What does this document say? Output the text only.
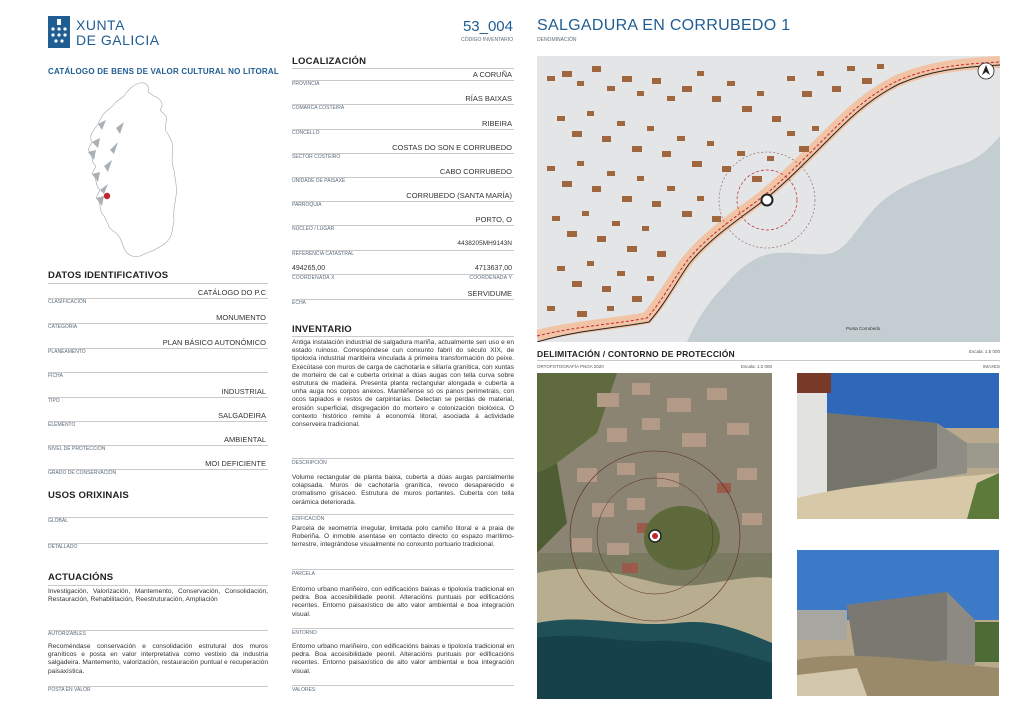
XUNTA
DE GALICIA
CATÁLOGO DE BENS DE VALOR CULTURAL NO LITORAL
DATOS IDENTIFICATIVOS
CATÁLOGO DO P.C
CLASIFICACIÓN
MONUMENTO
CATEGORÍA
PLAN BÁSICO AUTONÓMICO
PLANEAMENTO
FICHA
INDUSTRIAL
TIPO
SALGADEIRA
ELEMENTO
AMBIENTAL
NIVEL DE PROTECCIÓN
MOI DEFICIENTE
GRADO DE CONSERVACIÓN
USOS ORIXINAIS
GLOBAL
DETALLADO
ACTUACIÓNS
Investigación, Valorización, Mantemento, Conservación, Consolidación, Restauración, Rehabilitación, Reestruturación, Ampliación
AUTORIZABLES
Recoméndase conservación e consolidación estrutural dos muros graníticos e posta en valor interpretativa como vestixio da industria salgadeira. Mantemento, valorización, restauración puntual e recuperación paisaxística.
POSTA EN VALOR
53_004
CÓDIGO INVENTARIO
SALGADURA EN CORRUBEDO 1
DENOMINACIÓN
LOCALIZACIÓN
A CORUÑA
PROVINCIA
RÍAS BAIXAS
COMARCA COSTEIRA
RIBEIRA
CONCELLO
COSTAS DO SON E CORRUBEDO
SECTOR COSTEIRO
CABO CORRUBEDO
UNIDADE DE PAISAXE
CORRUBEDO (SANTA MARÍA)
PARROQUIA
PORTO, O
NÚCLEO / LUGAR
4438205MH9143N
REFERENCIA CATASTRAL
494265,00	4713637,00
COORDENADA X	COORDENADA Y
SERVIDUME
ECHA
INVENTARIO
Antiga instalación industrial de salgadura mariña, actualmente sen uso e en estado ruinoso. Correspóndese cun conxunto fabril do século XIX, de tipoloxía industrial marítleira vinculada á primeira transformación do peixe. Execútase con muros de carga de cachotaría e sillaría granítica, con xuntas de morteiro de cal e cuberta orixinal a dúas augas con tella curva sobre estrutura de madeira. Presenta planta rectangular alongada e cuberta a unha auga nos corpos anexos. Mantéñense só os panos perimetrais, con ocos tapiados e restos de carpintarías. Detectan se perdas de material, erosión superficial, disgregación do morteiro e colonización biolóxica. O contexto histórico remite á economía litoral, asociada á actividade conserveira tradicional.
DESCRIPCIÓN
Volume rectangular de planta baixa, cuberta a dúas augas parcialmente colapsada. Muros de cachotaría granítica, revoco desaparecido e cromatismo grisáceo. Estrutura de muros portantes. Cuberta con tella cerámica deteriorada.
EDIFICACIÓN
Parcela de xeometría irregular, limitada polo camiño litoral e a praia de Roberiña. O inmoble asentase en contacto directo co espazo marítimo-terrestre, integrándose visualmente no conxunto portuario tradicional.
PARCELA
Entorno urbano mariñeiro, con edificacións baixas e tipoloxía tradicional en pedra. Boa accesibilidade peonil. Alteracións puntuais por edificacións recentes. Entorno paisaxístico de alto valor ambiental e boa integración visual.
ENTORNO
Entorno urbano mariñeiro, con edificacións baixas e tipoloxía tradicional en pedra. Boa accesibilidade peonil. Alteracións puntuais por edificacións recentes. Entorno paisaxístico de alto valor ambiental e boa integración visual.
VALORES
Punta Corrubedo
DELIMITACIÓN / CONTORNO DE PROTECCIÓN	Escala: 1:5 000
ORTOFOTOGRAFÍA PNOA 2020	Escala: 1:2 000	IMAXES
